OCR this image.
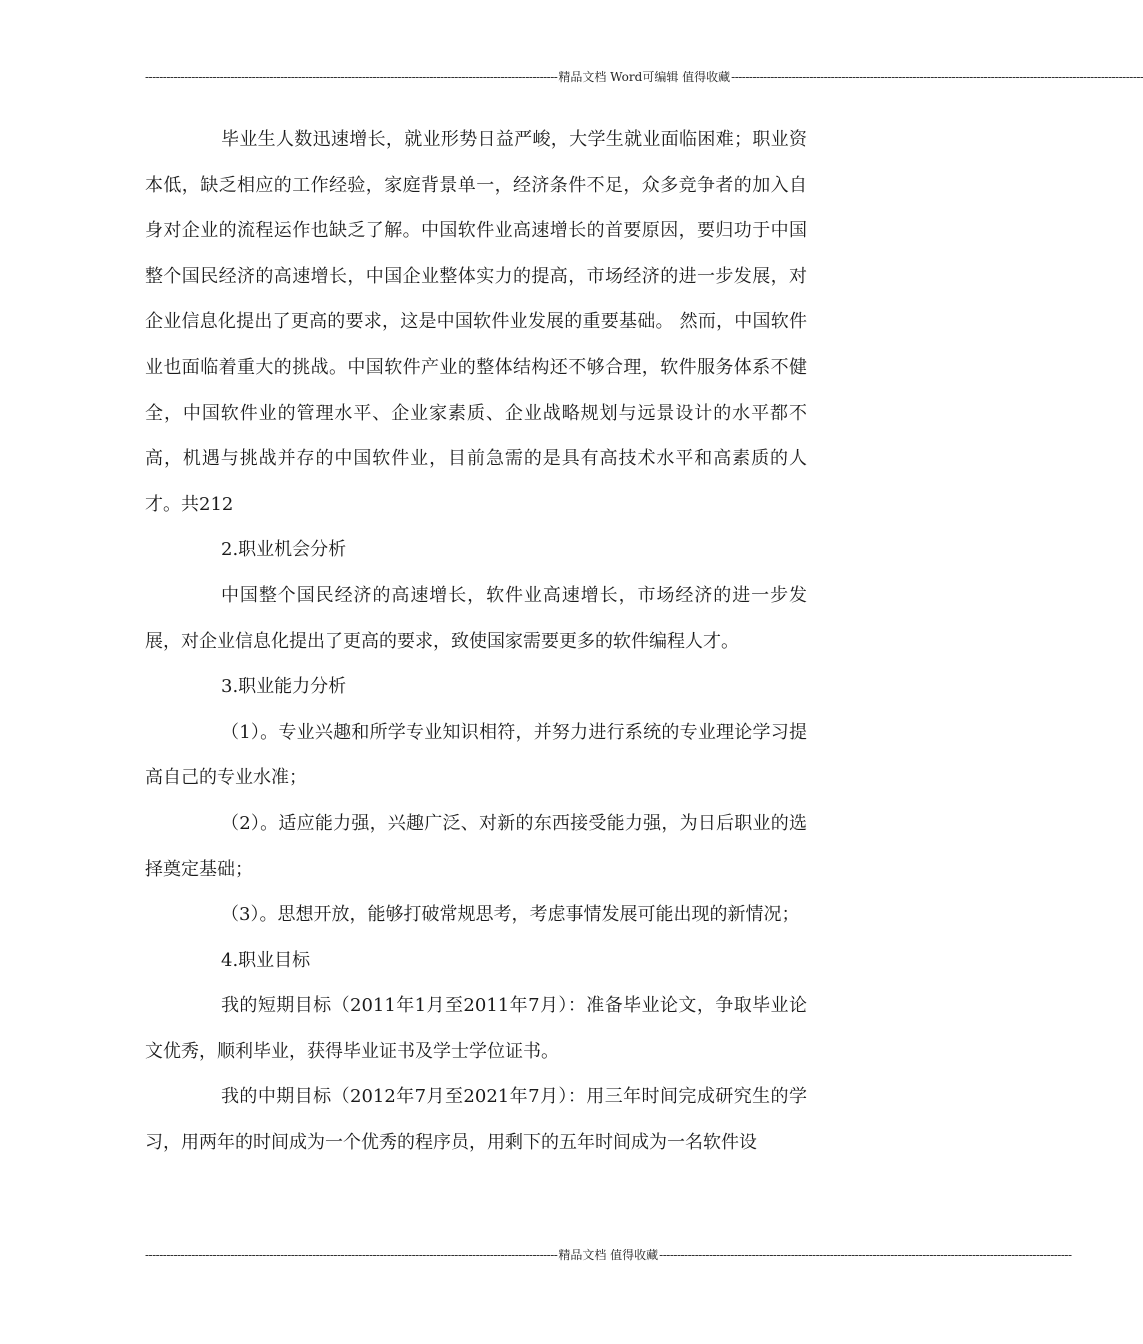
-------------------------------------------------------------------------------------------------------------------- 精品文档 Word可编辑 值得收藏 --------------------------------------------------------------------------------------------------------------------

毕业生人数迅速增长，就业形势日益严峻，大学生就业面临困难；职业资本低，缺乏相应的工作经验，家庭背景单一，经济条件不足，众多竞争者的加入自身对企业的流程运作也缺乏了解。中国软件业高速增长的首要原因，要归功于中国整个国民经济的高速增长，中国企业整体实力的提高，市场经济的进一步发展，对企业信息化提出了更高的要求，这是中国软件业发展的重要基础。 然而，中国软件业也面临着重大的挑战。中国软件产业的整体结构还不够合理，软件服务体系不健全，中国软件业的管理水平、企业家素质、企业战略规划与远景设计的水平都不高，机遇与挑战并存的中国软件业，目前急需的是具有高技术水平和高素质的人才。共212

2.职业机会分析

中国整个国民经济的高速增长，软件业高速增长，市场经济的进一步发展，对企业信息化提出了更高的要求，致使国家需要更多的软件编程人才。

3.职业能力分析

（1）。专业兴趣和所学专业知识相符，并努力进行系统的专业理论学习提高自己的专业水准；

（2）。适应能力强，兴趣广泛、对新的东西接受能力强，为日后职业的选择奠定基础；

（3）。思想开放，能够打破常规思考，考虑事情发展可能出现的新情况；

4.职业目标

我的短期目标（2011年1月至2011年7月）：准备毕业论文，争取毕业论文优秀，顺利毕业，获得毕业证书及学士学位证书。

我的中期目标（2012年7月至2021年7月）：用三年时间完成研究生的学习，用两年的时间成为一个优秀的程序员，用剩下的五年时间成为一名软件设

-------------------------------------------------------------------------------------------------------------------- 精品文档 值得收藏 --------------------------------------------------------------------------------------------------------------------
